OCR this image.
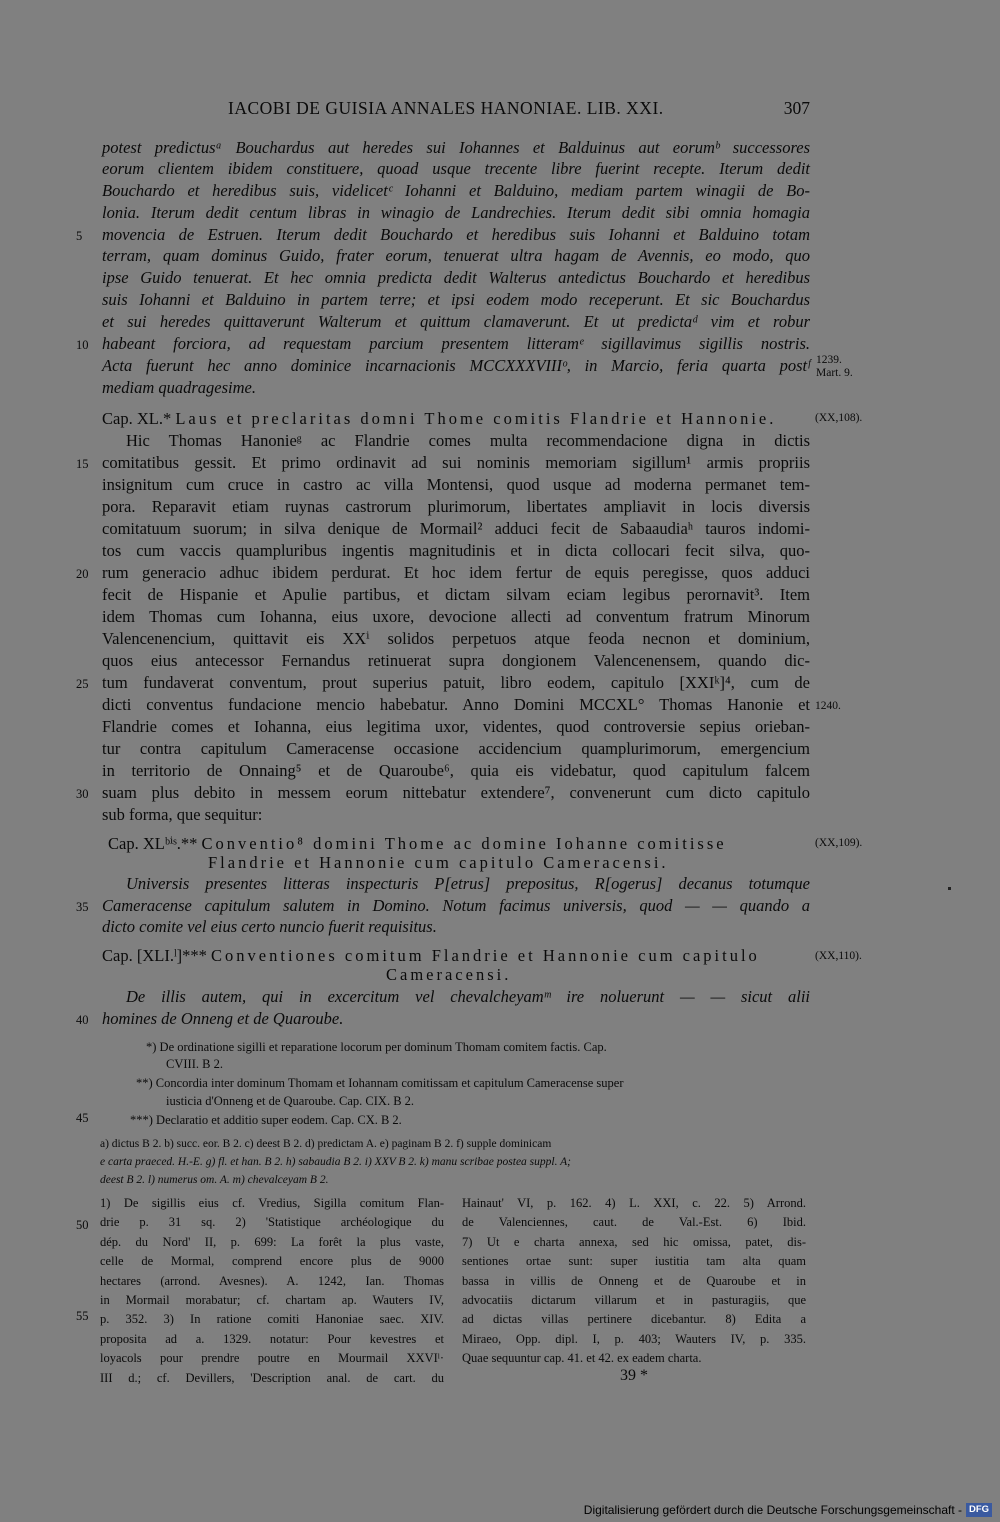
IACOBI DE GUISIA ANNALES HANONIAE. LIB. XXI.	307
potest predictusᵃ Bouchardus aut heredes sui Iohannes et Balduinus aut eorumᵇ successores
eorum clientem ibidem constituere, quoad usque trecente libre fuerint recepte. Iterum dedit
Bouchardo et heredibus suis, videlicetᶜ Iohanni et Balduino, mediam partem winagii de Bo-
lonia. Iterum dedit centum libras in winagio de Landrechies. Iterum dedit sibi omnia homagia
movencia de Estruen. Iterum dedit Bouchardo et heredibus suis Iohanni et Balduino totam
terram, quam dominus Guido, frater eorum, tenuerat ultra hagam de Avennis, eo modo, quo
ipse Guido tenuerat. Et hec omnia predicta dedit Walterus antedictus Bouchardo et heredibus
suis Iohanni et Balduino in partem terre; et ipsi eodem modo receperunt. Et sic Bouchardus
et sui heredes quittaverunt Walterum et quittum clamaverunt. Et ut predictaᵈ vim et robur
habeant forciora, ad requestam parcium presentem litteramᵉ sigillavimus sigillis nostris.
Acta fuerunt hec anno dominice incarnacionis MCCXXXVIIIᵒ, in Marcio, feria quarta postᶠ
mediam quadragesime.
Cap. XL.* Laus et preclaritas domni Thome comitis Flandrie et Hannonie.	(XX,108).
Hic Thomas Hanonieᵍ ac Flandrie comes multa recommendacione digna in dictis
comitatibus gessit. Et primo ordinavit ad sui nominis memoriam sigillum¹ armis propriis
insignitum cum cruce in castro ac villa Montensi, quod usque ad moderna permanet tem-
pora. Reparavit etiam ruynas castrorum plurimorum, libertates ampliavit in locis diversis
comitatuum suorum; in silva denique de Mormail² adduci fecit de Sabaaudiaʰ tauros indomi-
tos cum vaccis quampluribus ingentis magnitudinis et in dicta collocari fecit silva, quo-
rum generacio adhuc ibidem perdurat. Et hoc idem fertur de equis peregisse, quos adduci
fecit de Hispanie et Apulie partibus, et dictam silvam eciam legibus perornavit³. Item
idem Thomas cum Iohanna, eius uxore, devocione allecti ad conventum fratrum Minorum
Valencenencium, quittavit eis XXⁱ solidos perpetuos atque feoda necnon et dominium,
quos eius antecessor Fernandus retinuerat supra dongionem Valencenensem, quando dic-
tum fundaverat conventum, prout superius patuit, libro eodem, capitulo [XXIᵏ]⁴, cum de
dicti conventus fundacione mencio habebatur. Anno Domini MCCXL° Thomas Hanonie et
Flandrie comes et Iohanna, eius legitima uxor, videntes, quod controversie sepius orieban-
tur contra capitulum Cameracense occasione accidencium quamplurimorum, emergencium
in territorio de Onnaing⁵ et de Quaroube⁶, quia eis videbatur, quod capitulum falcem
suam plus debito in messem eorum nittebatur extendere⁷, convenerunt cum dicto capitulo
sub forma, que sequitur:
Cap. XLᵇⁱˢ.** Conventio⁸ domini Thome ac domine Iohanne comitisse
Flandrie et Hannonie cum capitulo Cameracensi.
(XX,109).
Universis presentes litteras inspecturis P[etrus] prepositus, R[ogerus] decanus totumque
Cameracense capitulum salutem in Domino. Notum facimus universis, quod — — quando a
dicto comite vel eius certo nuncio fuerit requisitus.
Cap. [XLI.ˡ]*** Conventiones comitum Flandrie et Hannonie cum capitulo
Cameracensi.
(XX,110).
De illis autem, qui in excercitum vel chevalcheyamᵐ ire noluerunt — — sicut alii
homines de Onneng et de Quaroube.
1239.
Mart. 9.
1240.
5
10
15
20
25
30
35
40
45
50
55
*) De ordinatione sigilli et reparatione locorum per dominum Thomam comitem factis. Cap.
CVIII. B 2.
**) Concordia inter dominum Thomam et Iohannam comitissam et capitulum Cameracense super
iusticia d'Onneng et de Quaroube. Cap. CIX. B 2.
***) Declaratio et additio super eodem. Cap. CX. B 2.
a) dictus B 2. b) succ. eor. B 2. c) deest B 2. d) predictam A. e) paginam B 2. f) supple dominicam
e carta praeced. H.-E. g) fl. et han. B 2. h) sabaudia B 2. i) XXV B 2. k) manu scribae postea suppl. A;
deest B 2. l) numerus om. A. m) chevalceyam B 2.
1) De sigillis eius cf. Vredius, Sigilla comitum Flan-
drie p. 31 sq. 2) 'Statistique archéologique du
dép. du Nord' II, p. 699: La forêt la plus vaste,
celle de Mormal, comprend encore plus de 9000
hectares (arrond. Avesnes). A. 1242, Ian. Thomas
in Mormail morabatur; cf. chartam ap. Wauters IV,
p. 352. 3) In ratione comiti Hanoniae saec. XIV.
proposita ad a. 1329. notatur: Pour kevestres et
loyacols pour prendre poutre en Mourmail XXVIˡ·
III d.; cf. Devillers, 'Description anal. de cart. du
Hainaut' VI, p. 162. 4) L. XXI, c. 22. 5) Arrond.
de Valenciennes, caut. de Val.-Est. 6) Ibid.
7) Ut e charta annexa, sed hic omissa, patet, dis-
sentiones ortae sunt: super iustitia tam alta quam
bassa in villis de Onneng et de Quaroube et in
advocatiis dictarum villarum et in pasturagiis, que
ad dictas villas pertinere dicebantur. 8) Edita a
Miraeo, Opp. dipl. I, p. 403; Wauters IV, p. 335.
Quae sequuntur cap. 41. et 42. ex eadem charta.
39 *
Digitalisierung gefördert durch die Deutsche Forschungsgemeinschaft - DFG
